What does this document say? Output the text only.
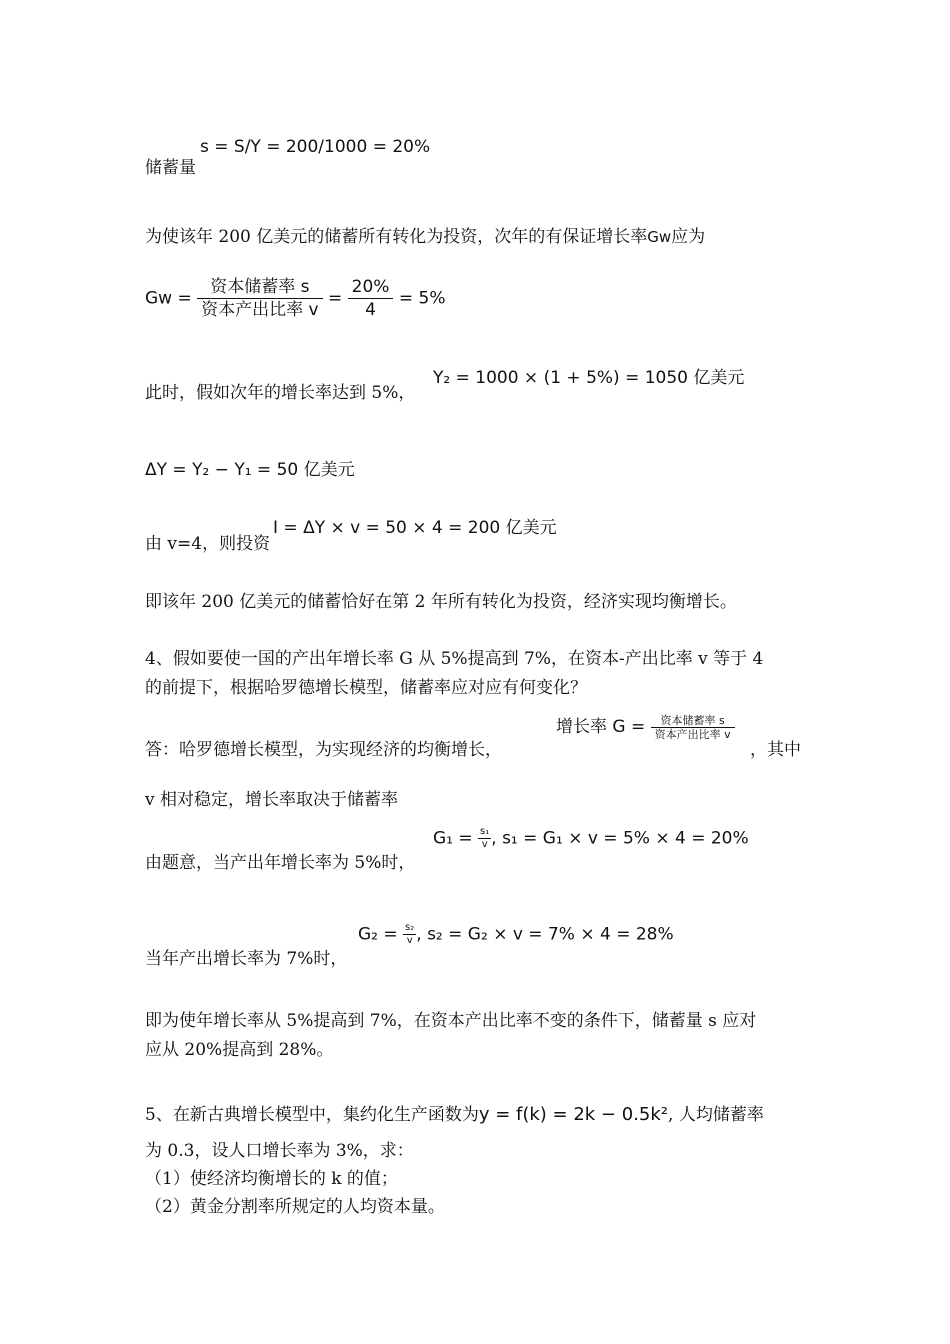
储蓄量
s = S/Y = 200/1000 = 20%
为使该年 200 亿美元的储蓄所有转化为投资，次年的有保证增长率Gw应为
$Gw = \frac{\text{资本储蓄率 s}}{\text{资本产出比率 v}} = \frac{20\%}{4} = 5\%$
此时，假如次年的增长率达到 5%，
Y₂ = 1000 × (1 + 5%) = 1050 亿美元
ΔY = Y₂ − Y₁ = 50 亿美元
由 v=4，则投资
I = ΔY × v = 50 × 4 = 200 亿美元
即该年 200 亿美元的储蓄恰好在第 2 年所有转化为投资，经济实现均衡增长。
4、假如要使一国的产出年增长率 G 从 5%提高到 7%，在资本-产出比率 v 等于 4
的前提下，根据哈罗德增长模型，储蓄率应对应有何变化？
答：哈罗德增长模型，为实现经济的均衡增长，
增长率 $G = \frac{\text{资本储蓄率 s}}{\text{资本产出比率 v}}$
，其中
v 相对稳定，增长率取决于储蓄率
由题意，当产出年增长率为 5%时，
$G_1 = \frac{\text{s₁}}{v}$ , s₁ = G₁ × v = 5% × 4 = 20%
当年产出增长率为 7%时，
$G_2 = \frac{\text{s₂}}{v}$ , s₂ = G₂ × v = 7% × 4 = 28%
即为使年增长率从 5%提高到 7%，在资本产出比率不变的条件下，储蓄量 s 应对
应从 20%提高到 28%。
5、在新古典增长模型中，集约化生产函数为y = f(k) = 2k − 0.5k², 人均储蓄率
为 0.3，设人口增长率为 3%，求：
（1）使经济均衡增长的 k 的值；
（2）黄金分割率所规定的人均资本量。
